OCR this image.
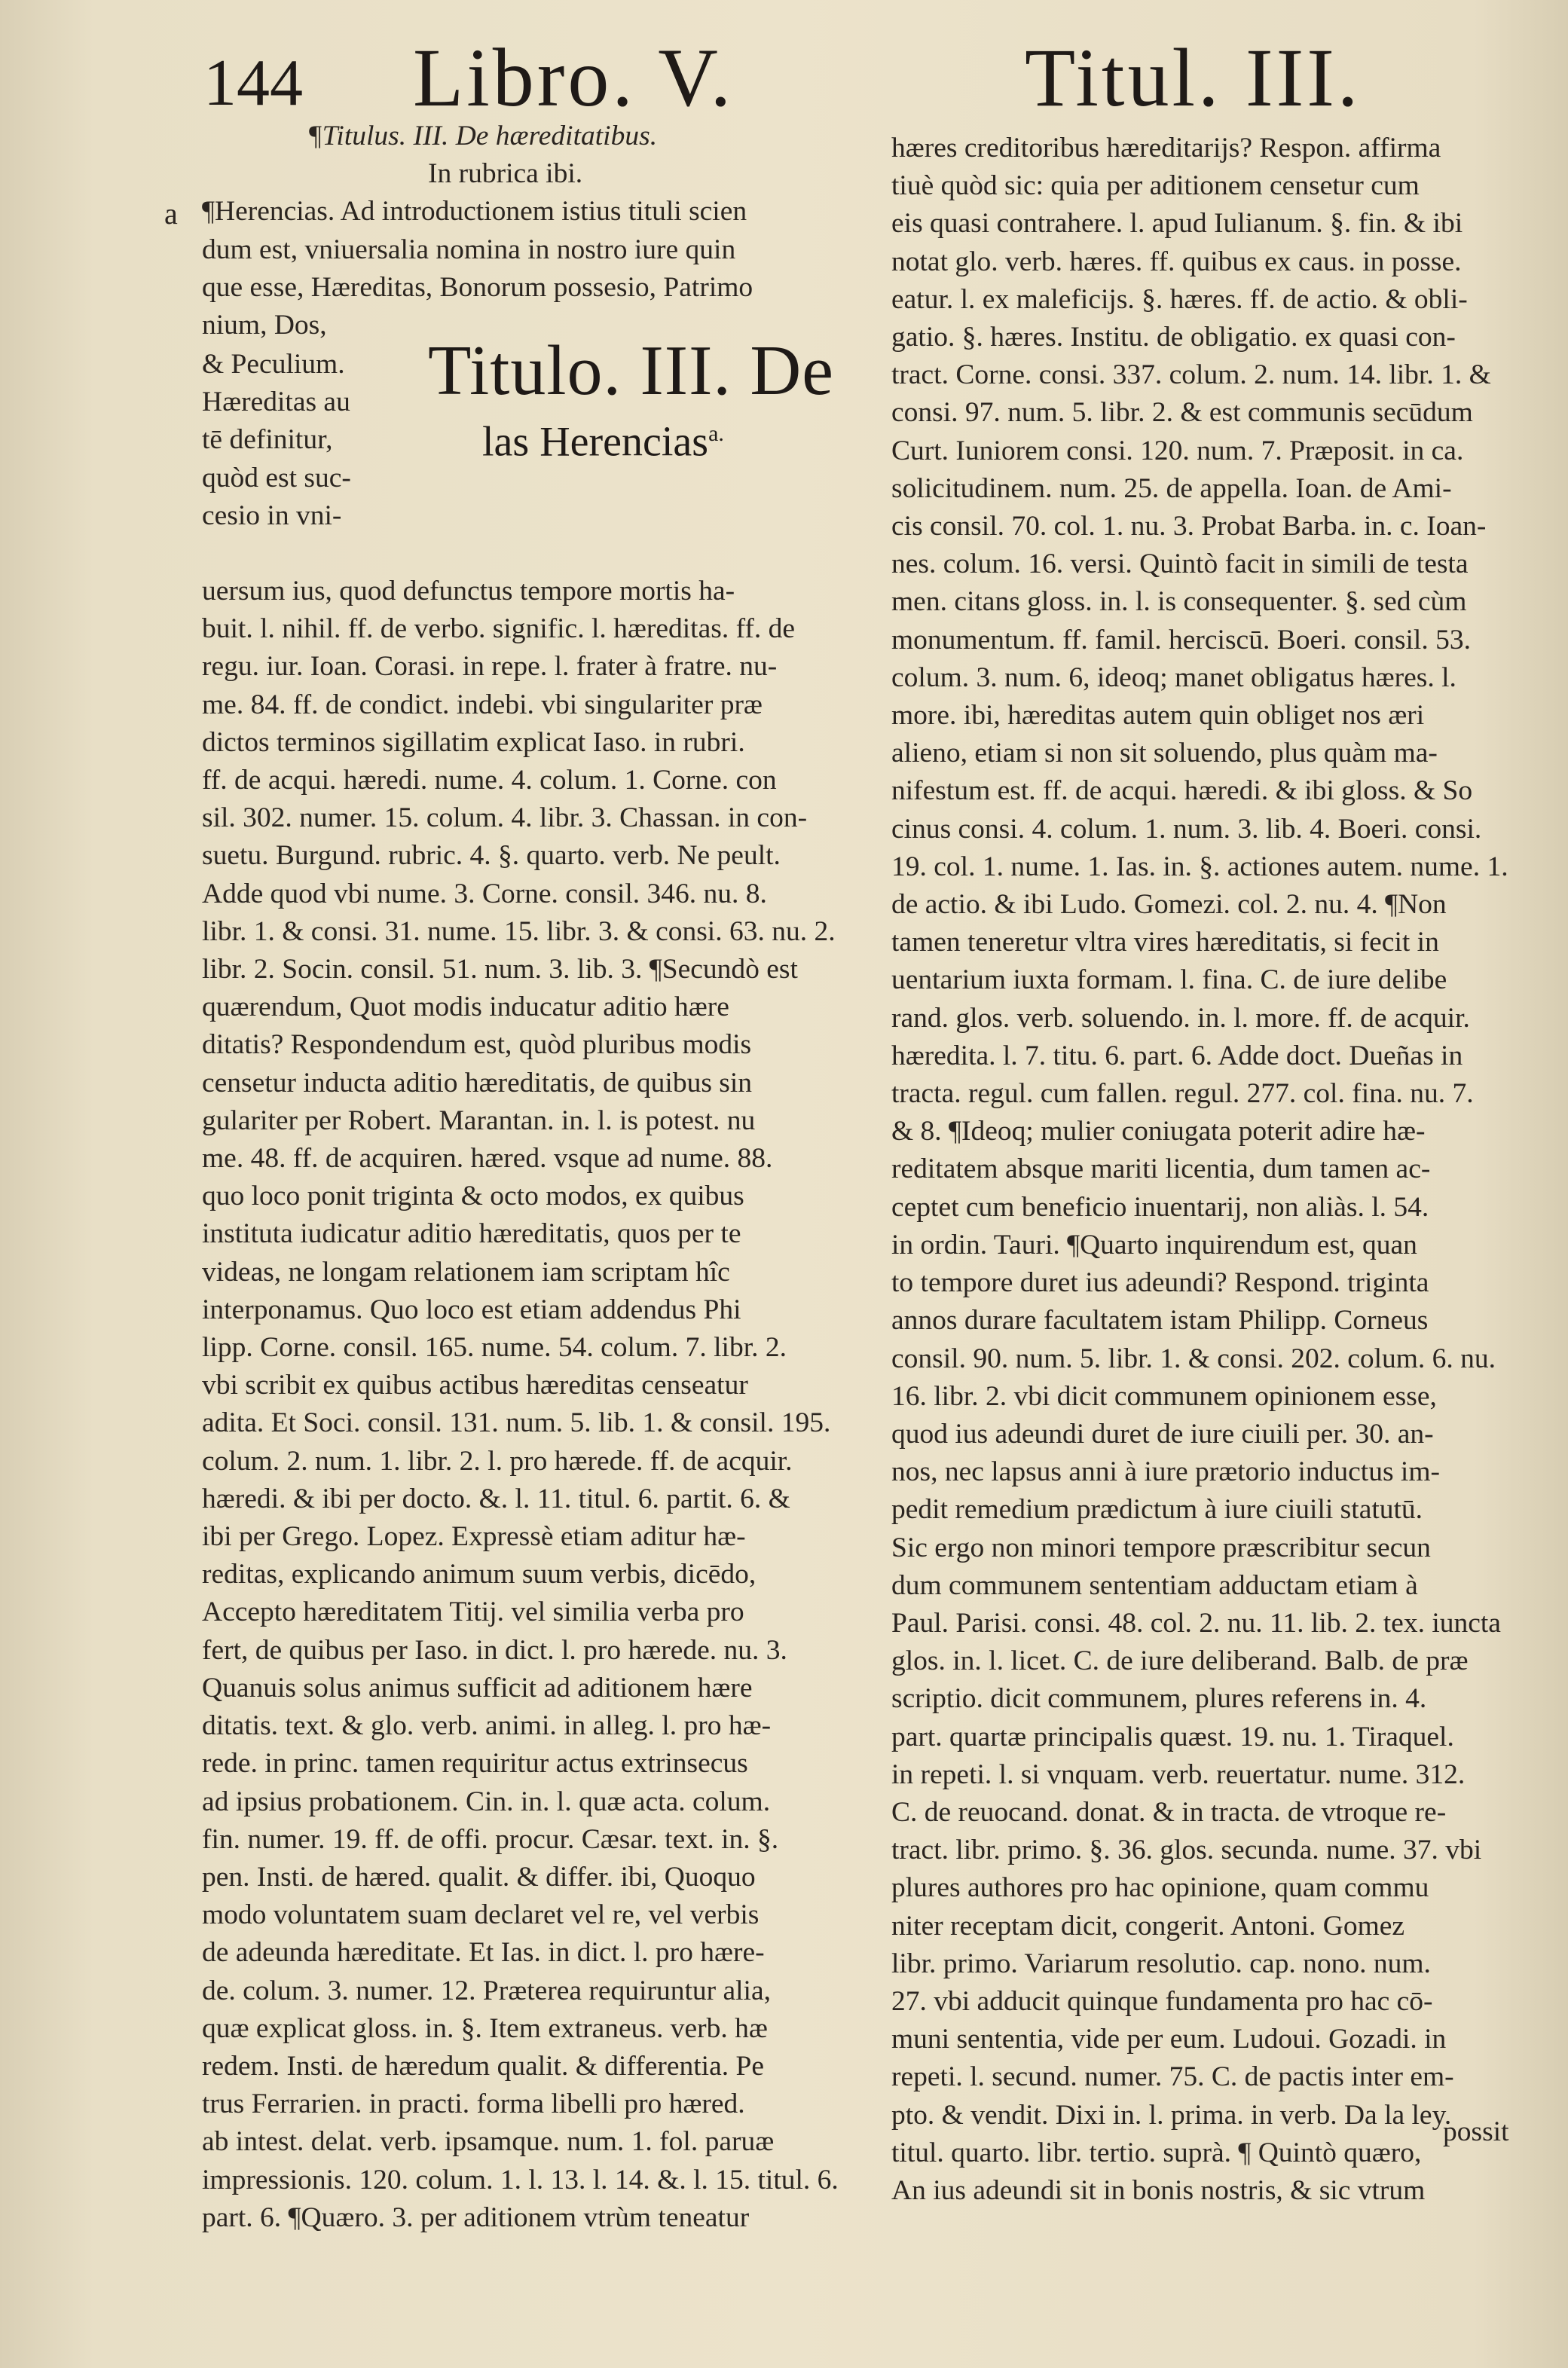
144 Libro. V.	Titul. III.
a
Titulo. III. De
las Herencias$^{a.}$
¶Titulus. III. De hæreditatibus.
In rubrica ibi.
¶Herencias. Ad introductionem istius tituli scien
dum est, vniuersalia nomina in nostro iure quin
que esse, Hæreditas, Bonorum possesio, Patrimo
nium, Dos,
& Peculium.
Hæreditas au
tē definitur,
quòd est suc-
cesio in vni-
uersum ius, quod defunctus tempore mortis ha-
buit. l. nihil. ff. de verbo. signific. l. hæreditas. ff. de
regu. iur. Ioan. Corasi. in repe. l. frater à fratre. nu-
me. 84. ff. de condict. indebi. vbi singulariter præ
dictos terminos sigillatim explicat Iaso. in rubri.
ff. de acqui. hæredi. nume. 4. colum. 1. Corne. con
sil. 302. numer. 15. colum. 4. libr. 3. Chassan. in con-
suetu. Burgund. rubric. 4. §. quarto. verb. Ne peult.
Adde quod vbi nume. 3. Corne. consil. 346. nu. 8.
libr. 1. & consi. 31. nume. 15. libr. 3. & consi. 63. nu. 2.
libr. 2. Socin. consil. 51. num. 3. lib. 3. ¶Secundò est
quærendum, Quot modis inducatur aditio hære
ditatis? Respondendum est, quòd pluribus modis
censetur inducta aditio hæreditatis, de quibus sin
gulariter per Robert. Marantan. in. l. is potest. nu
me. 48. ff. de acquiren. hæred. vsque ad nume. 88.
quo loco ponit triginta & octo modos, ex quibus
instituta iudicatur aditio hæreditatis, quos per te
videas, ne longam relationem iam scriptam hîc
interponamus. Quo loco est etiam addendus Phi
lipp. Corne. consil. 165. nume. 54. colum. 7. libr. 2.
vbi scribit ex quibus actibus hæreditas censeatur
adita. Et Soci. consil. 131. num. 5. lib. 1. & consil. 195.
colum. 2. num. 1. libr. 2. l. pro hærede. ff. de acquir.
hæredi. & ibi per docto. &. l. 11. titul. 6. partit. 6. &
ibi per Grego. Lopez. Expressè etiam aditur hæ-
reditas, explicando animum suum verbis, dicēdo,
Accepto hæreditatem Titij. vel similia verba pro
fert, de quibus per Iaso. in dict. l. pro hærede. nu. 3.
Quanuis solus animus sufficit ad aditionem hære
ditatis. text. & glo. verb. animi. in alleg. l. pro hæ-
rede. in princ. tamen requiritur actus extrinsecus
ad ipsius probationem. Cin. in. l. quæ acta. colum.
fin. numer. 19. ff. de offi. procur. Cæsar. text. in. §.
pen. Insti. de hæred. qualit. & differ. ibi, Quoquo
modo voluntatem suam declaret vel re, vel verbis
de adeunda hæreditate. Et Ias. in dict. l. pro hære-
de. colum. 3. numer. 12. Præterea requiruntur alia,
quæ explicat gloss. in. §. Item extraneus. verb. hæ
redem. Insti. de hæredum qualit. & differentia. Pe
trus Ferrarien. in practi. forma libelli pro hæred.
ab intest. delat. verb. ipsamque. num. 1. fol. paruæ
impressionis. 120. colum. 1. l. 13. l. 14. &. l. 15. titul. 6.
part. 6. ¶Quæro. 3. per aditionem vtrùm teneatur
hæres creditoribus hæreditarijs? Respon. affirma
tiuè quòd sic: quia per aditionem censetur cum
eis quasi contrahere. l. apud Iulianum. §. fin. & ibi
notat glo. verb. hæres. ff. quibus ex caus. in posse.
eatur. l. ex maleficijs. §. hæres. ff. de actio. & obli-
gatio. §. hæres. Institu. de obligatio. ex quasi con-
tract. Corne. consi. 337. colum. 2. num. 14. libr. 1. &
consi. 97. num. 5. libr. 2. & est communis secūdum
Curt. Iuniorem consi. 120. num. 7. Præposit. in ca.
solicitudinem. num. 25. de appella. Ioan. de Ami-
cis consil. 70. col. 1. nu. 3. Probat Barba. in. c. Ioan-
nes. colum. 16. versi. Quintò facit in simili de testa
men. citans gloss. in. l. is consequenter. §. sed cùm
monumentum. ff. famil. herciscū. Boeri. consil. 53.
colum. 3. num. 6, ideoq; manet obligatus hæres. l.
more. ibi, hæreditas autem quin obliget nos æri
alieno, etiam si non sit soluendo, plus quàm ma-
nifestum est. ff. de acqui. hæredi. & ibi gloss. & So
cinus consi. 4. colum. 1. num. 3. lib. 4. Boeri. consi.
19. col. 1. nume. 1. Ias. in. §. actiones autem. nume. 1.
de actio. & ibi Ludo. Gomezi. col. 2. nu. 4. ¶Non
tamen teneretur vltra vires hæreditatis, si fecit in
uentarium iuxta formam. l. fina. C. de iure delibe
rand. glos. verb. soluendo. in. l. more. ff. de acquir.
hæredita. l. 7. titu. 6. part. 6. Adde doct. Dueñas in
tracta. regul. cum fallen. regul. 277. col. fina. nu. 7.
& 8. ¶Ideoq; mulier coniugata poterit adire hæ-
reditatem absque mariti licentia, dum tamen ac-
ceptet cum beneficio inuentarij, non aliàs. l. 54.
in ordin. Tauri. ¶Quarto inquirendum est, quan
to tempore duret ius adeundi? Respond. triginta
annos durare facultatem istam Philipp. Corneus
consil. 90. num. 5. libr. 1. & consi. 202. colum. 6. nu.
16. libr. 2. vbi dicit communem opinionem esse,
quod ius adeundi duret de iure ciuili per. 30. an-
nos, nec lapsus anni à iure prætorio inductus im-
pedit remedium prædictum à iure ciuili statutū.
Sic ergo non minori tempore præscribitur secun
dum communem sententiam adductam etiam à
Paul. Parisi. consi. 48. col. 2. nu. 11. lib. 2. tex. iuncta
glos. in. l. licet. C. de iure deliberand. Balb. de præ
scriptio. dicit communem, plures referens in. 4.
part. quartæ principalis quæst. 19. nu. 1. Tiraquel.
in repeti. l. si vnquam. verb. reuertatur. nume. 312.
C. de reuocand. donat. & in tracta. de vtroque re-
tract. libr. primo. §. 36. glos. secunda. nume. 37. vbi
plures authores pro hac opinione, quam commu
niter receptam dicit, congerit. Antoni. Gomez
libr. primo. Variarum resolutio. cap. nono. num.
27. vbi adducit quinque fundamenta pro hac cō-
muni sententia, vide per eum. Ludoui. Gozadi. in
repeti. l. secund. numer. 75. C. de pactis inter em-
pto. & vendit. Dixi in. l. prima. in verb. Da la ley.
titul. quarto. libr. tertio. suprà. ¶ Quintò quæro,
An ius adeundi sit in bonis nostris, & sic vtrum
possit
